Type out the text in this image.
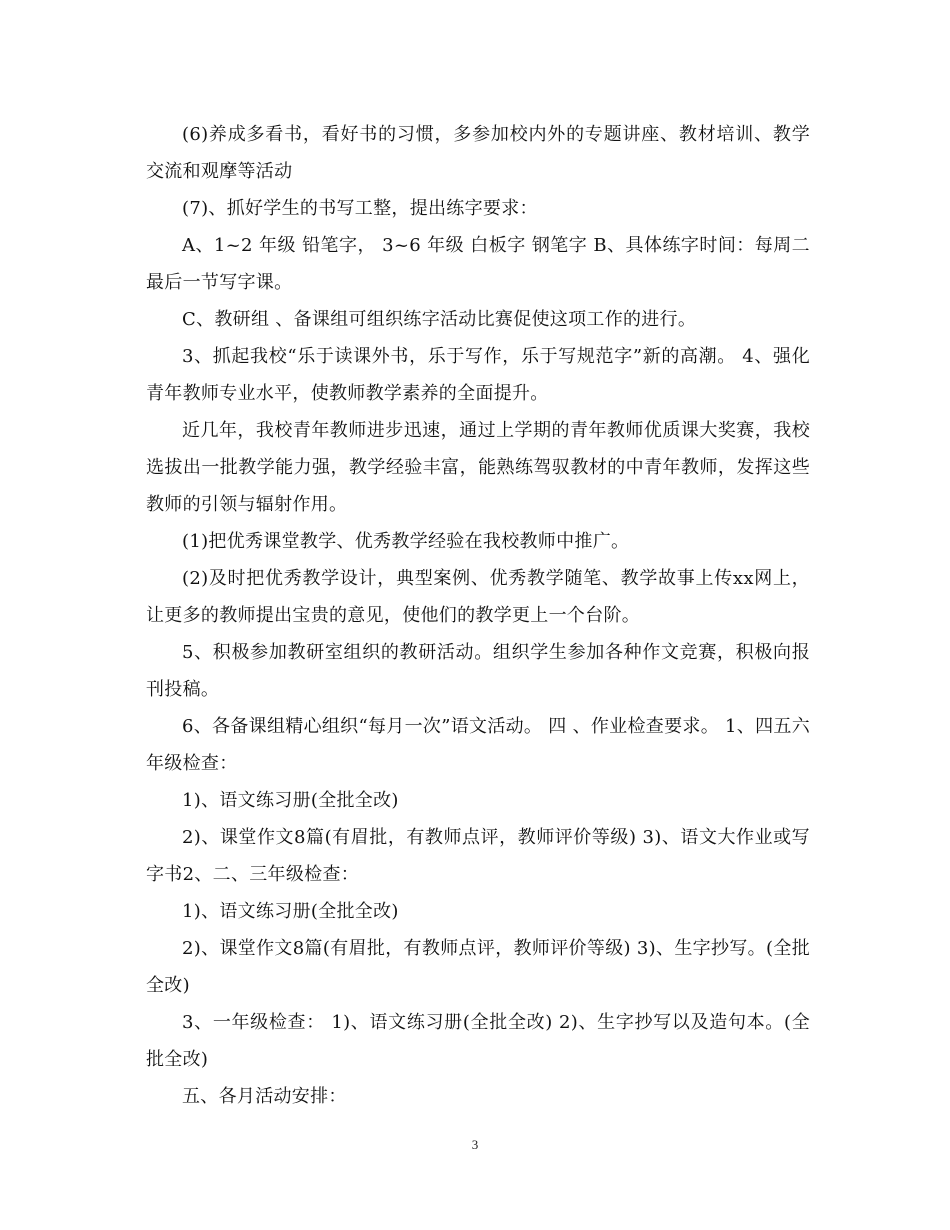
(6)养成多看书，看好书的习惯，多参加校内外的专题讲座、教材培训、教学交流和观摩等活动

(7)、抓好学生的书写工整，提出练字要求：

A、1~2 年级 铅笔字， 3~6 年级 白板字 钢笔字 B、具体练字时间：每周二最后一节写字课。

C、教研组 、备课组可组织练字活动比赛促使这项工作的进行。

3、抓起我校“乐于读课外书，乐于写作，乐于写规范字”新的高潮。 4、强化青年教师专业水平，使教师教学素养的全面提升。

近几年，我校青年教师进步迅速，通过上学期的青年教师优质课大奖赛，我校选拔出一批教学能力强，教学经验丰富，能熟练驾驭教材的中青年教师，发挥这些教师的引领与辐射作用。

(1)把优秀课堂教学、优秀教学经验在我校教师中推广。

(2)及时把优秀教学设计，典型案例、优秀教学随笔、教学故事上传xx网上，让更多的教师提出宝贵的意见，使他们的教学更上一个台阶。

5、积极参加教研室组织的教研活动。组织学生参加各种作文竞赛，积极向报刊投稿。

6、各备课组精心组织“每月一次”语文活动。 四 、作业检查要求。 1、四五六年级检查：

1)、语文练习册(全批全改)

2)、课堂作文8篇(有眉批，有教师点评，教师评价等级) 3)、语文大作业或写字书2、二、三年级检查：

1)、语文练习册(全批全改)

2)、课堂作文8篇(有眉批，有教师点评，教师评价等级) 3)、生字抄写。(全批全改)

3、一年级检查： 1)、语文练习册(全批全改) 2)、生字抄写以及造句本。(全批全改)

五、各月活动安排：

3
